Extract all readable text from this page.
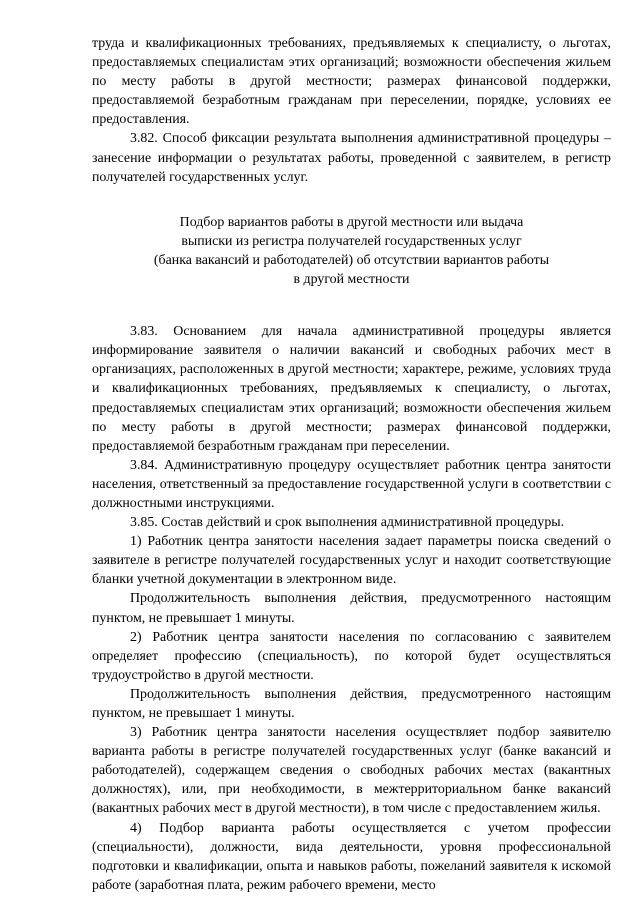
труда и квалификационных требованиях, предъявляемых к специалисту, о льготах, предоставляемых специалистам этих организаций; возможности обеспечения жильем по месту работы в другой местности; размерах финансовой поддержки, предоставляемой безработным гражданам при переселении, порядке, условиях ее предоставления.

3.82. Способ фиксации результата выполнения административной процедуры – занесение информации о результатах работы, проведенной с заявителем, в регистр получателей государственных услуг.

Подбор вариантов работы в другой местности или выдача
выписки из регистра получателей государственных услуг
(банка вакансий и работодателей) об отсутствии вариантов работы
в другой местности

3.83. Основанием для начала административной процедуры является информирование заявителя о наличии вакансий и свободных рабочих мест в организациях, расположенных в другой местности; характере, режиме, условиях труда и квалификационных требованиях, предъявляемых к специалисту, о льготах, предоставляемых специалистам этих организаций; возможности обеспечения жильем по месту работы в другой местности; размерах финансовой поддержки, предоставляемой безработным гражданам при переселении.

3.84. Административную процедуру осуществляет работник центра занятости населения, ответственный за предоставление государственной услуги в соответствии с должностными инструкциями.

3.85. Состав действий и срок выполнения административной процедуры.

1) Работник центра занятости населения задает параметры поиска сведений о заявителе в регистре получателей государственных услуг и находит соответствующие бланки учетной документации в электронном виде.

Продолжительность выполнения действия, предусмотренного настоящим пунктом, не превышает 1 минуты.

2) Работник центра занятости населения по согласованию с заявителем определяет профессию (специальность), по которой будет осуществляться трудоустройство в другой местности.

Продолжительность выполнения действия, предусмотренного настоящим пунктом, не превышает 1 минуты.

3) Работник центра занятости населения осуществляет подбор заявителю варианта работы в регистре получателей государственных услуг (банке вакансий и работодателей), содержащем сведения о свободных рабочих местах (вакантных должностях), или, при необходимости, в межтерриториальном банке вакансий (вакантных рабочих мест в другой местности), в том числе с предоставлением жилья.

4) Подбор варианта работы осуществляется с учетом профессии (специальности), должности, вида деятельности, уровня профессиональной подготовки и квалификации, опыта и навыков работы, пожеланий заявителя к искомой работе (заработная плата, режим рабочего времени, место
